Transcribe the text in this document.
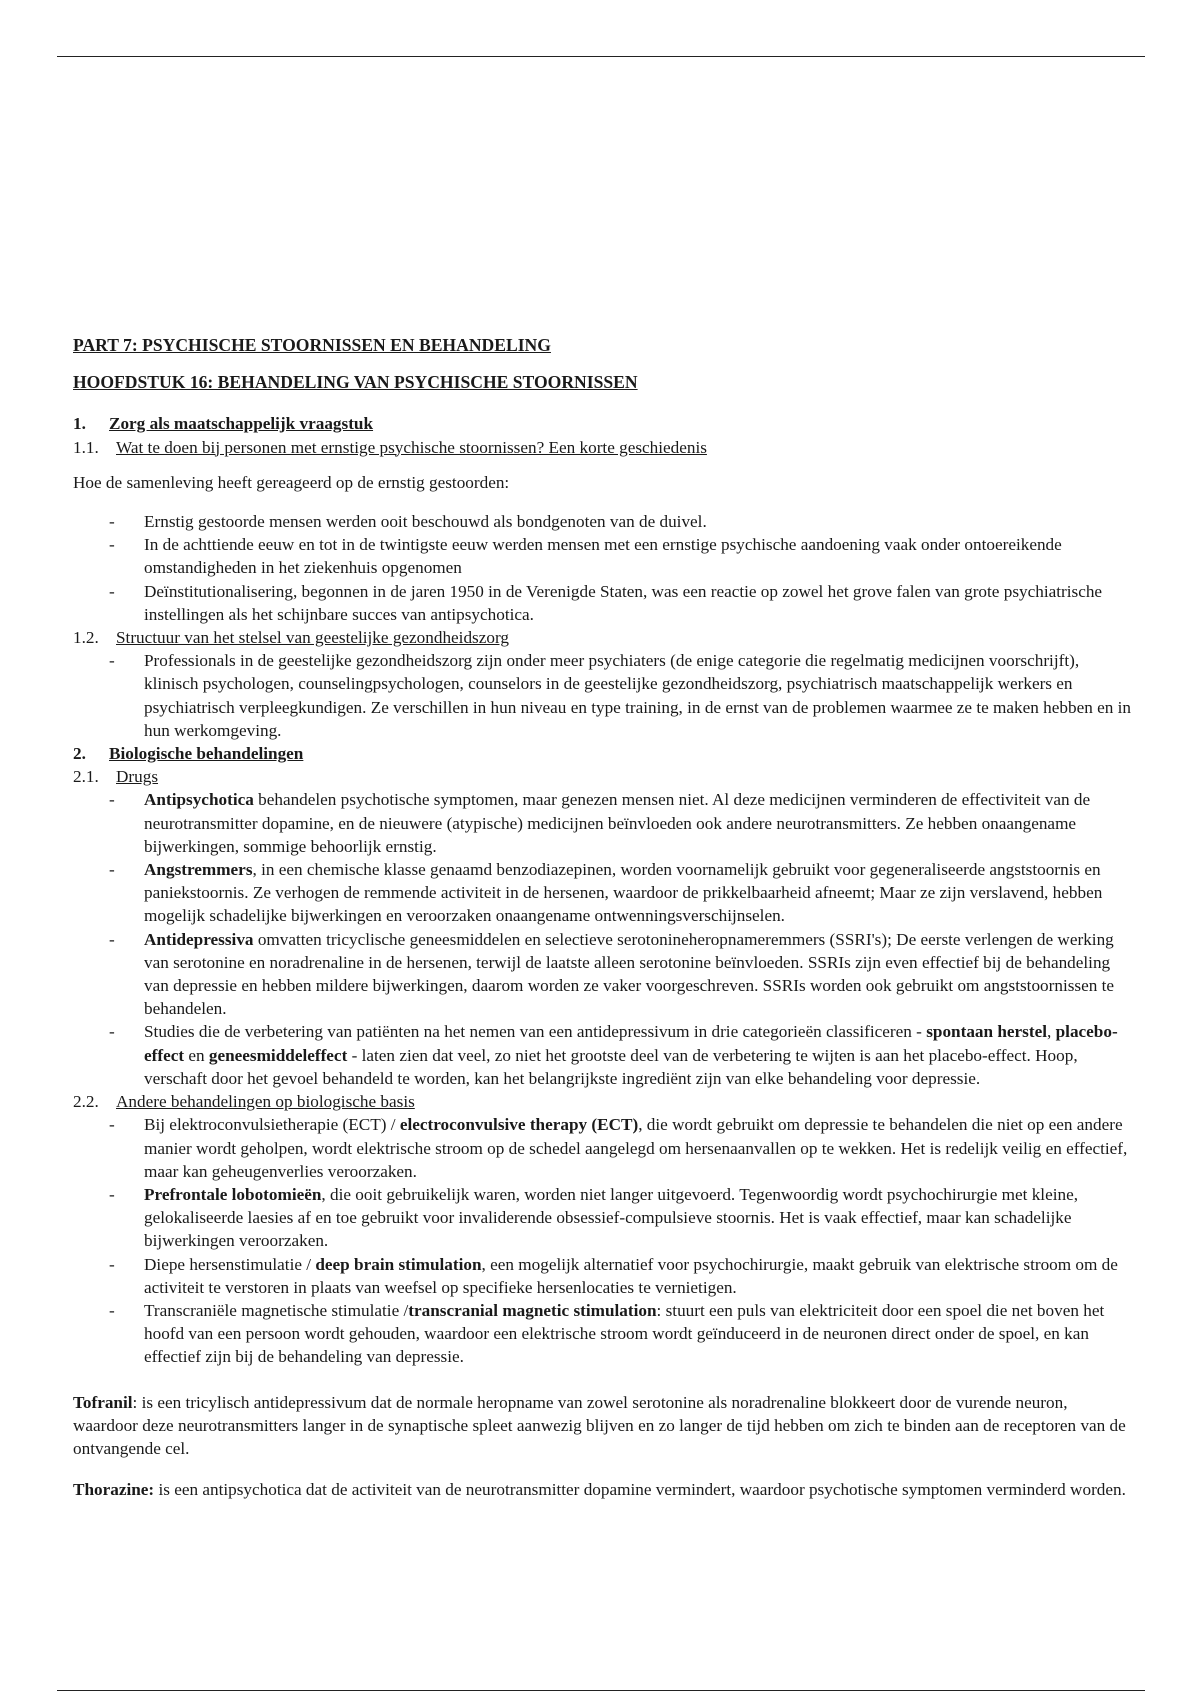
PART 7: PSYCHISCHE STOORNISSEN EN BEHANDELING

HOOFDSTUK 16: BEHANDELING VAN PSYCHISCHE STOORNISSEN

1.	Zorg als maatschappelijk vraagstuk
1.1.	Wat te doen bij personen met ernstige psychische stoornissen? Een korte geschiedenis

Hoe de samenleving heeft gereageerd op de ernstig gestoorden:

- Ernstig gestoorde mensen werden ooit beschouwd als bondgenoten van de duivel.
- In de achttiende eeuw en tot in de twintigste eeuw werden mensen met een ernstige psychische aandoening vaak onder ontoereikende omstandigheden in het ziekenhuis opgenomen
- Deïnstitutionalisering, begonnen in de jaren 1950 in de Verenigde Staten, was een reactie op zowel het grove falen van grote psychiatrische instellingen als het schijnbare succes van antipsychotica.
1.2.	Structuur van het stelsel van geestelijke gezondheidszorg
- Professionals in de geestelijke gezondheidszorg zijn onder meer psychiaters (de enige categorie die regelmatig medicijnen voorschrijft), klinisch psychologen, counselingpsychologen, counselors in de geestelijke gezondheidszorg, psychiatrisch maatschappelijk werkers en psychiatrisch verpleegkundigen. Ze verschillen in hun niveau en type training, in de ernst van de problemen waarmee ze te maken hebben en in hun werkomgeving.
2.	Biologische behandelingen
2.1.	Drugs
- Antipsychotica behandelen psychotische symptomen, maar genezen mensen niet. Al deze medicijnen verminderen de effectiviteit van de neurotransmitter dopamine, en de nieuwere (atypische) medicijnen beïnvloeden ook andere neurotransmitters. Ze hebben onaangename bijwerkingen, sommige behoorlijk ernstig.
- Angstremmers, in een chemische klasse genaamd benzodiazepinen, worden voornamelijk gebruikt voor gegeneraliseerde angststoornis en paniekstoornis. Ze verhogen de remmende activiteit in de hersenen, waardoor de prikkelbaarheid afneemt; Maar ze zijn verslavend, hebben mogelijk schadelijke bijwerkingen en veroorzaken onaangename ontwenningsverschijnselen.
- Antidepressiva omvatten tricyclische geneesmiddelen en selectieve serotonineheropnameremmers (SSRI's); De eerste verlengen de werking van serotonine en noradrenaline in de hersenen, terwijl de laatste alleen serotonine beïnvloeden. SSRIs zijn even effectief bij de behandeling van depressie en hebben mildere bijwerkingen, daarom worden ze vaker voorgeschreven. SSRIs worden ook gebruikt om angststoornissen te behandelen.
- Studies die de verbetering van patiënten na het nemen van een antidepressivum in drie categorieën classificeren - spontaan herstel, placebo-effect en geneesmiddeleffect - laten zien dat veel, zo niet het grootste deel van de verbetering te wijten is aan het placebo-effect. Hoop, verschaft door het gevoel behandeld te worden, kan het belangrijkste ingrediënt zijn van elke behandeling voor depressie.
2.2.	Andere behandelingen op biologische basis
- Bij elektroconvulsietherapie (ECT) / electroconvulsive therapy (ECT), die wordt gebruikt om depressie te behandelen die niet op een andere manier wordt geholpen, wordt elektrische stroom op de schedel aangelegd om hersenaanvallen op te wekken. Het is redelijk veilig en effectief, maar kan geheugenverlies veroorzaken.
- Prefrontale lobotomieën, die ooit gebruikelijk waren, worden niet langer uitgevoerd. Tegenwoordig wordt psychochirurgie met kleine, gelokaliseerde laesies af en toe gebruikt voor invaliderende obsessief-compulsieve stoornis. Het is vaak effectief, maar kan schadelijke bijwerkingen veroorzaken.
- Diepe hersenstimulatie / deep brain stimulation, een mogelijk alternatief voor psychochirurgie, maakt gebruik van elektrische stroom om de activiteit te verstoren in plaats van weefsel op specifieke hersenlocaties te vernietigen.
- Transcraniële magnetische stimulatie /transcranial magnetic stimulation: stuurt een puls van elektriciteit door een spoel die net boven het hoofd van een persoon wordt gehouden, waardoor een elektrische stroom wordt geïnduceerd in de neuronen direct onder de spoel, en kan effectief zijn bij de behandeling van depressie.

Tofranil: is een tricylisch antidepressivum dat de normale heropname van zowel serotonine als noradrenaline blokkeert door de vurende neuron, waardoor deze neurotransmitters langer in de synaptische spleet aanwezig blijven en zo langer de tijd hebben om zich te binden aan de receptoren van de ontvangende cel.

Thorazine: is een antipsychotica dat de activiteit van de neurotransmitter dopamine vermindert, waardoor psychotische symptomen verminderd worden.
